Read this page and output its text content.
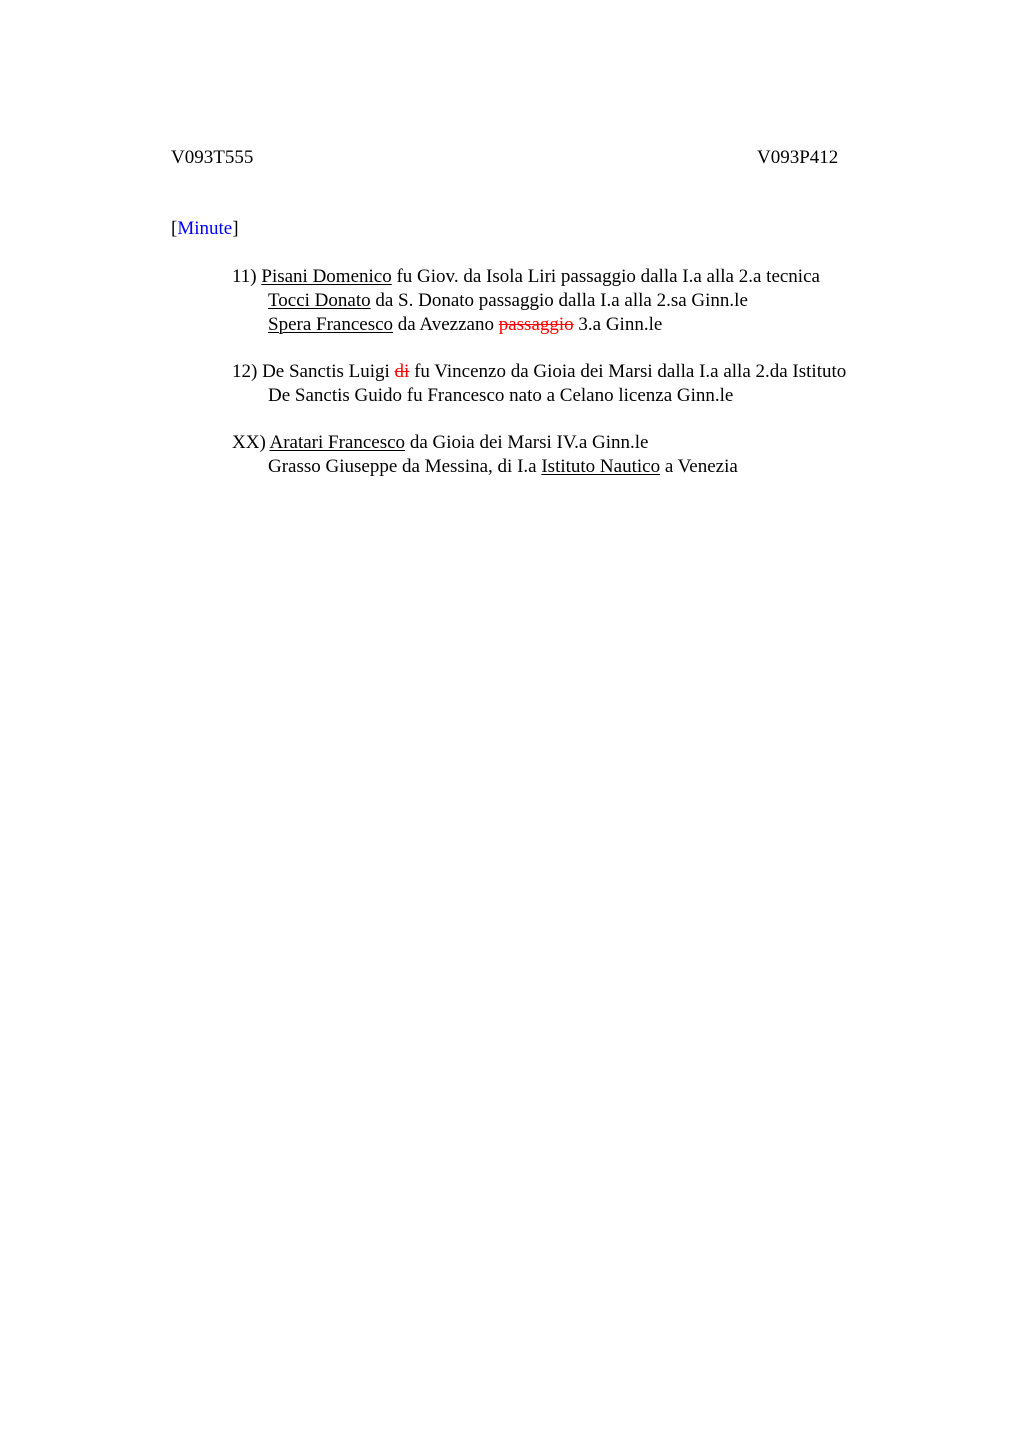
V093T555	V093P412
[Minute]
11) Pisani Domenico fu Giov. da Isola Liri passaggio dalla I.a alla 2.a tecnica
Tocci Donato da S. Donato passaggio dalla I.a alla 2.sa Ginn.le
Spera Francesco da Avezzano passaggio 3.a Ginn.le
12) De Sanctis Luigi di fu Vincenzo da Gioia dei Marsi dalla I.a alla 2.da Istituto
De Sanctis Guido fu Francesco nato a Celano licenza Ginn.le
XX) Aratari Francesco da Gioia dei Marsi IV.a Ginn.le
Grasso Giuseppe da Messina, di I.a Istituto Nautico a Venezia
